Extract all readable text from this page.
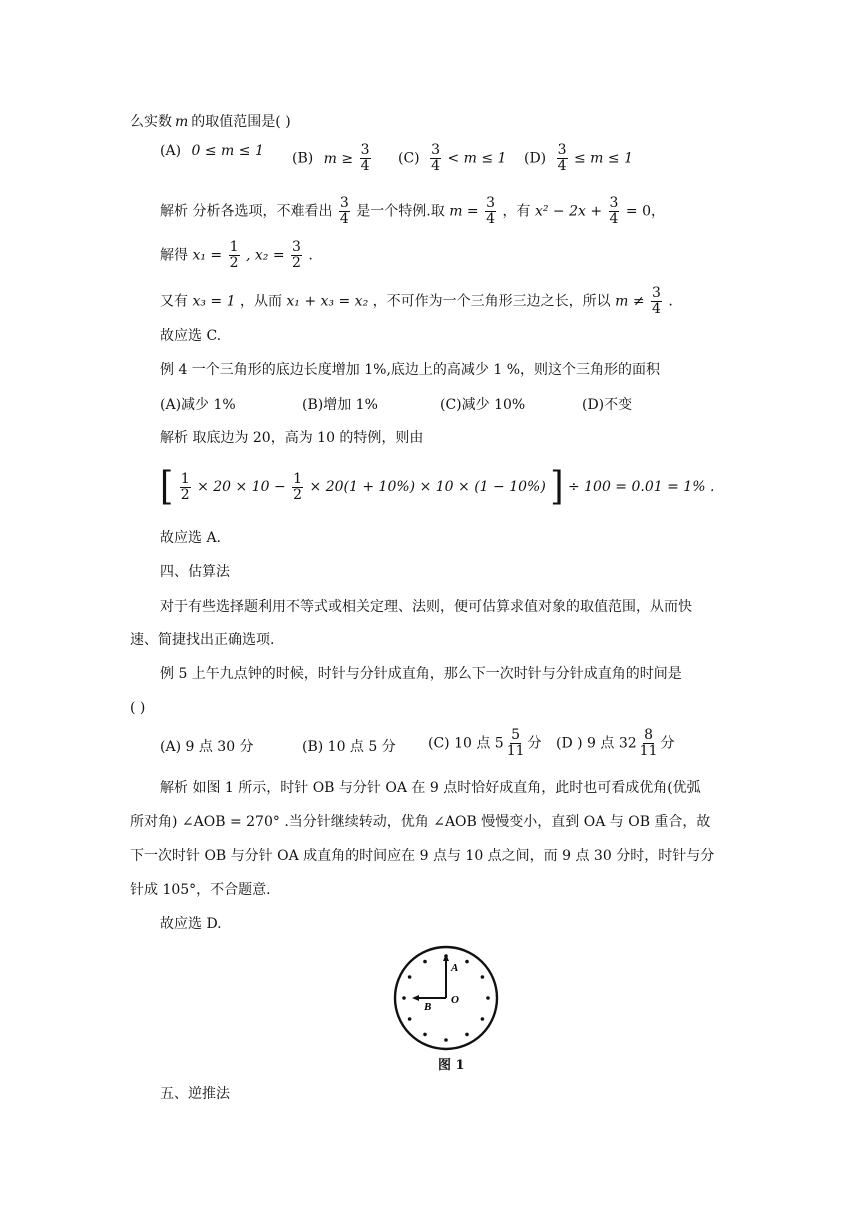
么实数 m 的取值范围是( )
(A) 0 ≤ m ≤ 1 (B) $m \ge \frac{3}{4} (C) \frac{3}{4} < m \le 1$ $(D) \frac{3}{4} \le m \le 1$
解析 分析各选项，不难看出 $\frac{3}{4}$ 是一个特例.取 $m = \frac{3}{4}$ ，有 $x^2 - 2x + \frac{3}{4} = 0$，
解得 $x_1 = \frac{1}{2}$ , $x_2 = \frac{3}{2}$ .
又有 x₃ = 1 ，从而 x₁ + x₃ = x₂ ，不可作为一个三角形三边之长，所以 $m \ne \frac{3}{4}$ .
故应选 C.
例 4 一个三角形的底边长度增加 1%,底边上的高减少 1 %，则这个三角形的面积
(A)减少 1%	(B)增加 1%	(C)减少 10%	(D)不变
解析 取底边为 20，高为 10 的特例，则由
[ $\frac{1}{2} \times 20 \times 10 - \frac{1}{2} \times 20(1 + 10\%) \times 10 \times (1 - 10\%)$ ] ÷ 100 = 0.01 = 1% .
故应选 A.
四、估算法
对于有些选择题利用不等式或相关定理、法则，便可估算求值对象的取值范围，从而快
速、简捷找出正确选项.
例 5 上午九点钟的时候，时针与分针成直角，那么下一次时针与分针成直角的时间是
( )
(A) 9 点 30 分	(B) 10 点 5 分 (C) 10 点 $5 \frac{5}{11}$ 分 (D ) 9 点 $32 \frac{8}{11}$ 分
解析 如图 1 所示，时针 OB 与分针 OA 在 9 点时恰好成直角，此时也可看成优角(优弧
所对角) ∠AOB = 270° .当分针继续转动，优角 ∠AOB 慢慢变小，直到 OA 与 OB 重合，故
下一次时针 OB 与分针 OA 成直角的时间应在 9 点与 10 点之间，而 9 点 30 分时，时针与分
针成 105°，不合题意.
故应选 D.
A
B
O
图 1
五、逆推法
